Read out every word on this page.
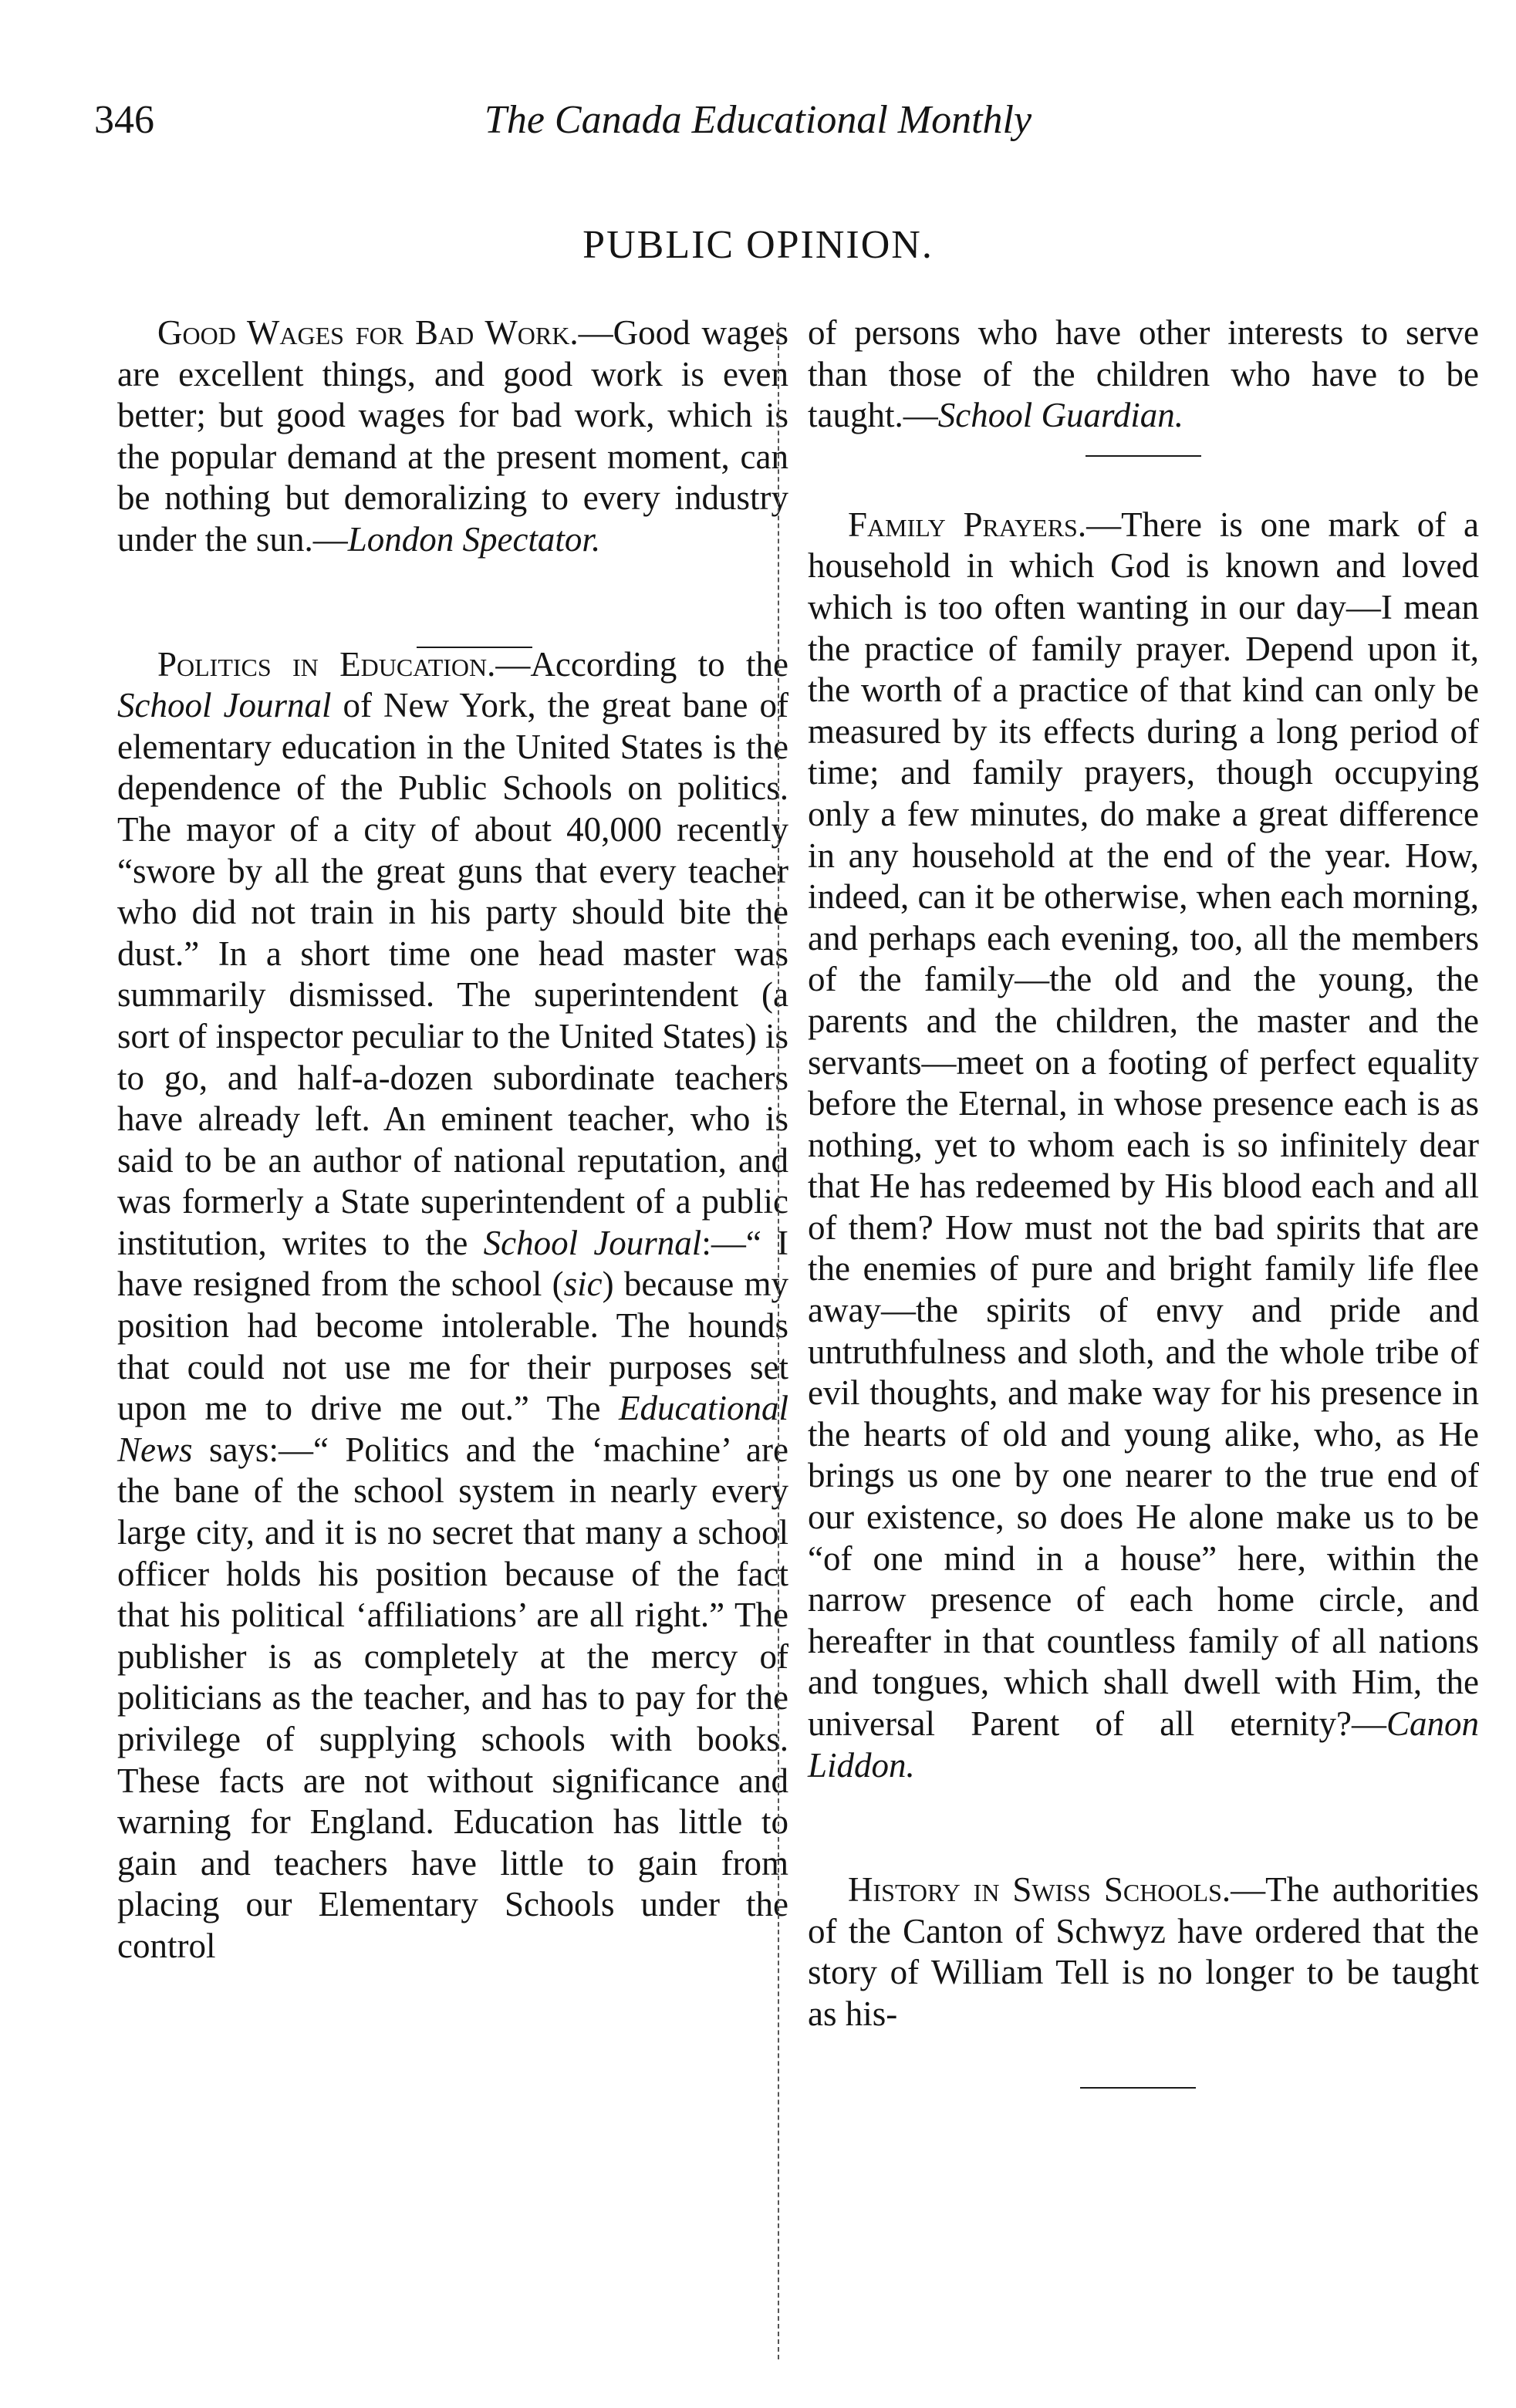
346	The Canada Educational Monthly
PUBLIC OPINION.

Good Wages for Bad Work.—Good wages are excellent things, and good work is even better; but good wages for bad work, which is the popular demand at the present moment, can be nothing but demoralizing to every industry under the sun.—London Spectator.

Politics in Education.—According to the School Journal of New York, the great bane of elementary education in the United States is the dependence of the Public Schools on politics. The mayor of a city of about 40,000 recently “swore by all the great guns that every teacher who did not train in his party should bite the dust.” In a short time one head master was summarily dismissed. The superintendent (a sort of inspector peculiar to the United States) is to go, and half-a-dozen subordinate teachers have already left. An eminent teacher, who is said to be an author of national reputation, and was formerly a State superintendent of a public institution, writes to the School Journal:—“ I have resigned from the school (sic) because my position had become intolerable. The hounds that could not use me for their purposes set upon me to drive me out.” The Educational News says:—“ Politics and the ‘machine’ are the bane of the school system in nearly every large city, and it is no secret that many a school officer holds his position because of the fact that his political ‘affiliations’ are all right.” The publisher is as completely at the mercy of politicians as the teacher, and has to pay for the privilege of supplying schools with books. These facts are not without significance and warning for England. Education has little to gain and teachers have little to gain from placing our Elementary Schools under the control

of persons who have other interests to serve than those of the children who have to be taught.—School Guardian.

Family Prayers.—There is one mark of a household in which God is known and loved which is too often wanting in our day—I mean the practice of family prayer. Depend upon it, the worth of a practice of that kind can only be measured by its effects during a long period of time; and family prayers, though occupying only a few minutes, do make a great difference in any household at the end of the year. How, indeed, can it be otherwise, when each morning, and perhaps each evening, too, all the members of the family—the old and the young, the parents and the children, the master and the servants—meet on a footing of perfect equality before the Eternal, in whose presence each is as nothing, yet to whom each is so infinitely dear that He has redeemed by His blood each and all of them? How must not the bad spirits that are the enemies of pure and bright family life flee away—the spirits of envy and pride and untruthfulness and sloth, and the whole tribe of evil thoughts, and make way for his presence in the hearts of old and young alike, who, as He brings us one by one nearer to the true end of our existence, so does He alone make us to be “of one mind in a house” here, within the narrow presence of each home circle, and hereafter in that countless family of all nations and tongues, which shall dwell with Him, the universal Parent of all eternity?—Canon Liddon.

History in Swiss Schools.—The authorities of the Canton of Schwyz have ordered that the story of William Tell is no longer to be taught as his-
